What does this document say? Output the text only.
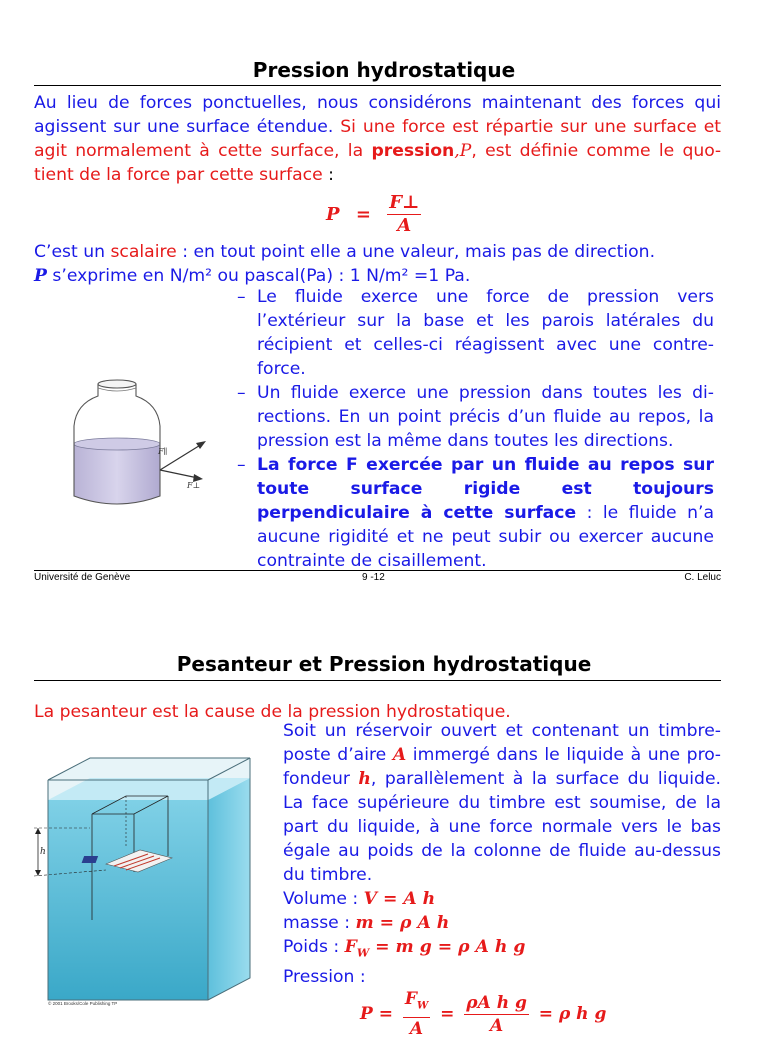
Pression hydrostatique
Au lieu de forces ponctuelles, nous considérons maintenant des forces qui agissent sur une surface étendue. Si une force est répartie sur une surface et agit normalement à cette surface, la pression,P, est définie comme le quotient de la force par cette surface :
$P = \frac{F\perp}{A}$
C’est un scalaire : en tout point elle a une valeur, mais pas de direction.
P s’exprime en N/m² ou pascal(Pa) : 1 N/m² =1 Pa.
– Le fluide exerce une force de pression vers l’extérieur sur la base et les parois latérales du récipient et celles-ci réagissent avec une contreforce.
– Un fluide exerce une pression dans toutes les directions. En un point précis d’un fluide au repos, la pression est la même dans toutes les directions.
– La force F exercée par un fluide au repos sur toute surface rigide est toujours perpendiculaire à cette surface : le fluide n’a aucune rigidité et ne peut subir ou exercer aucune contrainte de cisaillement.
F∥
F⊥
Université de Genève	9 -12	C. Leluc
Pesanteur et Pression hydrostatique
La pesanteur est la cause de la pression hydrostatique.
Soit un réservoir ouvert et contenant un timbre-poste d’aire A immergé dans le liquide à une profondeur h, parallèlement à la surface du liquide. La face supérieure du timbre est soumise, de la part du liquide, à une force normale vers le bas égale au poids de la colonne de fluide au-dessus du timbre.
Volume : V = A h
masse : m = ρ A h
Poids : $F_W = m$ g = ρ A h g
Pression :
$P = \frac{F_W}{A} = \frac{\text{ρA h g}}{A} = \rho$ h g
h
© 2001 Brooks/Cole Publishing TP
